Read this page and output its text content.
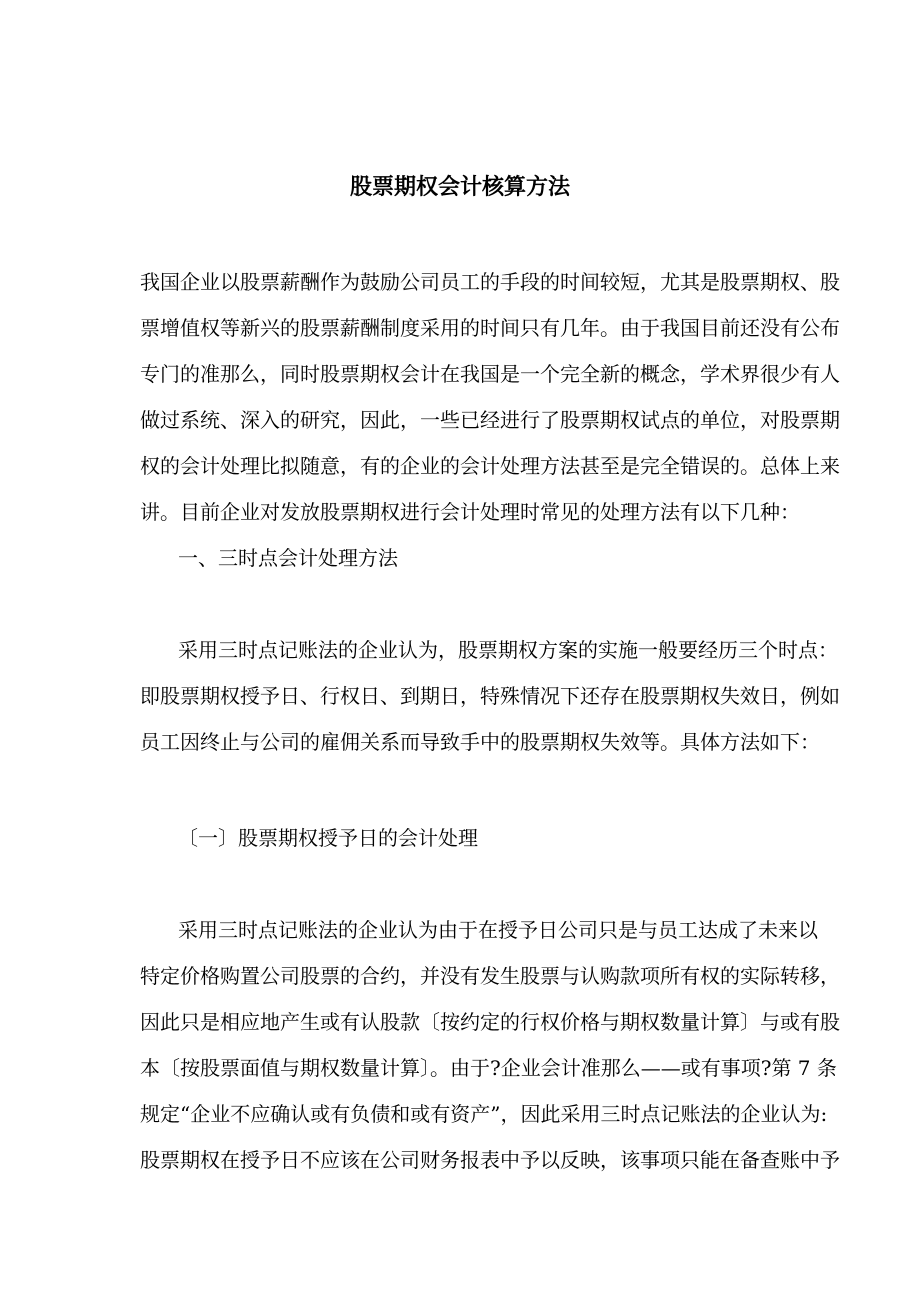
股票期权会计核算方法
我国企业以股票薪酬作为鼓励公司员工的手段的时间较短，尤其是股票期权、股
票增值权等新兴的股票薪酬制度采用的时间只有几年。由于我国目前还没有公布
专门的准那么，同时股票期权会计在我国是一个完全新的概念，学术界很少有人
做过系统、深入的研究，因此，一些已经进行了股票期权试点的单位，对股票期
权的会计处理比拟随意，有的企业的会计处理方法甚至是完全错误的。总体上来
讲。目前企业对发放股票期权进行会计处理时常见的处理方法有以下几种：
一、三时点会计处理方法
采用三时点记账法的企业认为，股票期权方案的实施一般要经历三个时点：
即股票期权授予日、行权日、到期日，特殊情况下还存在股票期权失效日，例如
员工因终止与公司的雇佣关系而导致手中的股票期权失效等。具体方法如下：
〔一〕股票期权授予日的会计处理
采用三时点记账法的企业认为由于在授予日公司只是与员工达成了未来以
特定价格购置公司股票的合约，并没有发生股票与认购款项所有权的实际转移，
因此只是相应地产生或有认股款〔按约定的行权价格与期权数量计算〕与或有股
本〔按股票面值与期权数量计算〕。由于?企业会计准那么——或有事项?第 7 条
规定“企业不应确认或有负债和或有资产”，因此采用三时点记账法的企业认为:
股票期权在授予日不应该在公司财务报表中予以反映，该事项只能在备查账中予
